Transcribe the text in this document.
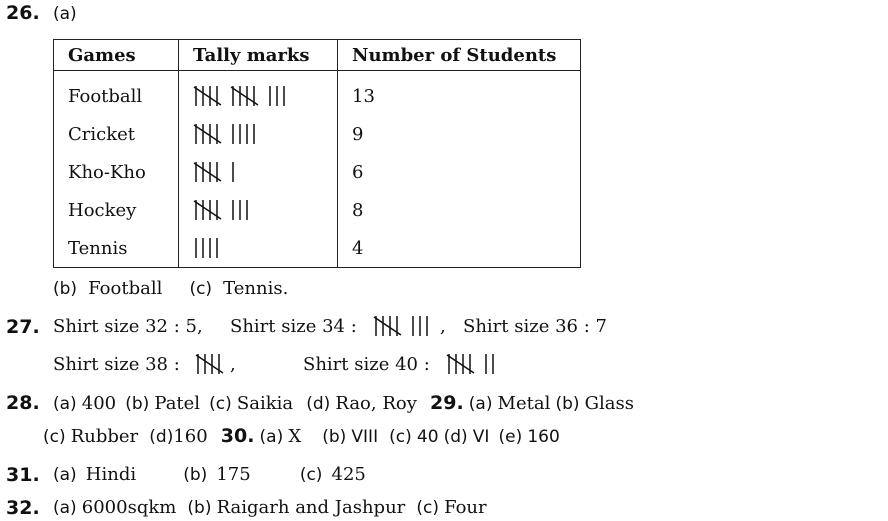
26. (a)
Games	Tally marks	Number of Students
Football		13
Cricket		9
Kho-Kho		6
Hockey		8
Tennis		4
(b) Football (c) Tennis.
27. Shirt size 32 : 5, Shirt size 34 :	, Shirt size 36 : 7
Shirt size 38 :	,	Shirt size 40 :
28. (a) 400 (b) Patel (c) Saikia (d) Rao, Roy 29. (a) Metal (b) Glass
(c) Rubber (d)160 30. (a) X (b) VIII (c) 40 (d) VI (e) 160
31. (a) Hindi	(b) 175	(c) 425
32. (a) 6000sqkm (b) Raigarh and Jashpur (c) Four
